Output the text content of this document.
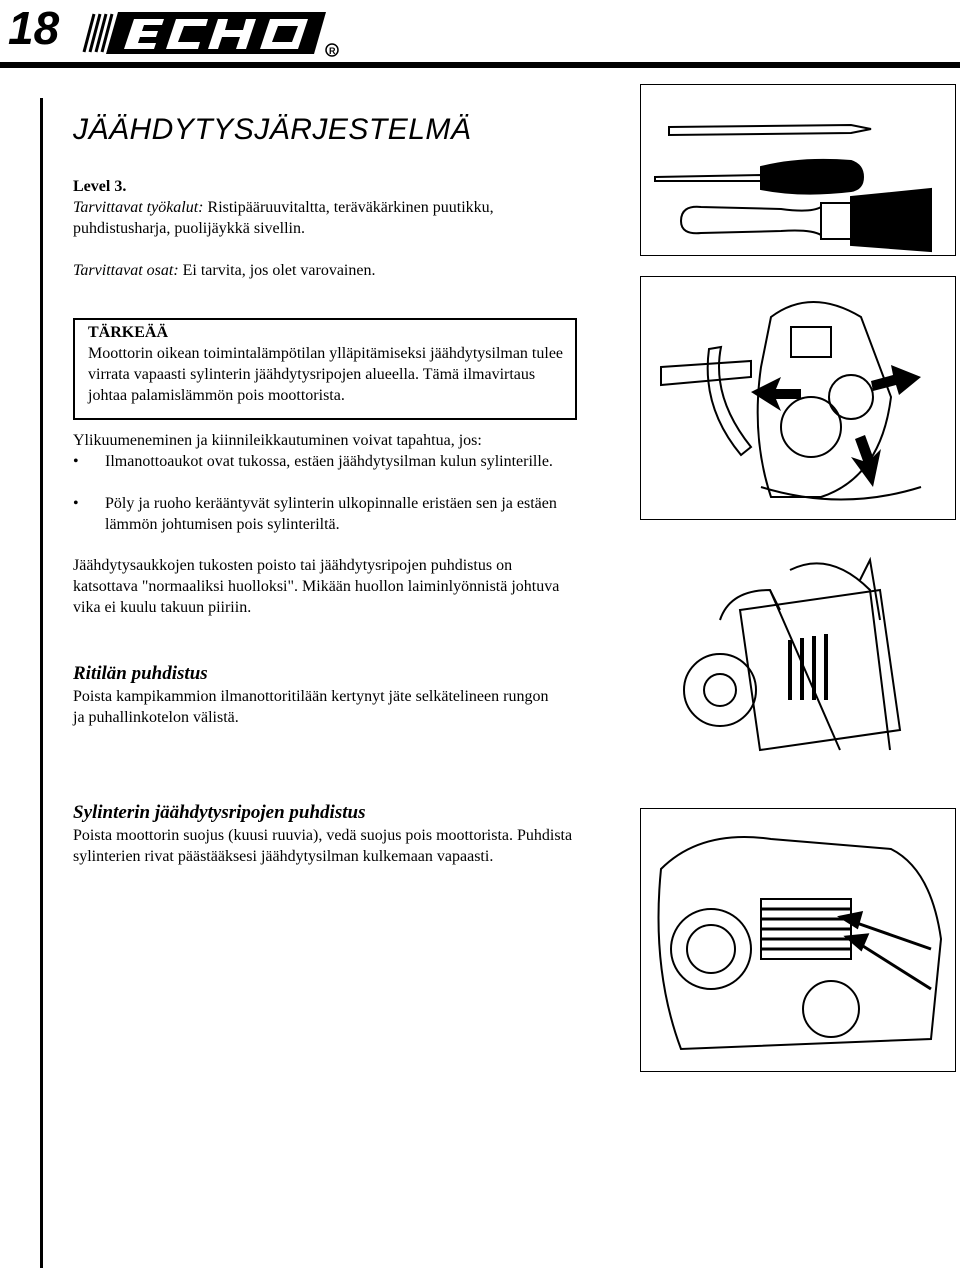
18	R
JÄÄHDYTYSJÄRJESTELMÄ
Level 3.
Tarvittavat työkalut: Ristipääruuvitaltta, teräväkärkinen puutikku, puhdistusharja, puolijäykkä sivellin.
Tarvittavat osat: Ei tarvita, jos olet varovainen.
TÄRKEÄÄ
Moottorin oikean toimintalämpötilan ylläpitämiseksi jäähdytysilman tulee virrata vapaasti sylinterin jäähdytysripojen alueella. Tämä ilmavirtaus johtaa palamislämmön pois moottorista.
Ylikuumeneminen ja kiinnileikkautuminen voivat tapahtua, jos:
• Ilmanottoaukot ovat tukossa, estäen jäähdytysilman kulun sylinterille.
• Pöly ja ruoho kerääntyvät sylinterin ulkopinnalle eristäen sen ja estäen lämmön johtumisen pois sylinteriltä.
Jäähdytysaukkojen tukosten poisto tai jäähdytysripojen puhdistus on katsottava "normaaliksi huolloksi". Mikään huollon laiminlyönnistä johtuva vika ei kuulu takuun piiriin.
Ritilän puhdistus
Poista kampikammion ilmanottoritilään kertynyt jäte selkätelineen rungon ja puhallinkotelon välistä.
Sylinterin jäähdytysripojen puhdistus
Poista moottorin suojus (kuusi ruuvia), vedä suojus pois moottorista. Puhdista sylinterien rivat päästääksesi jäähdytysilman kulkemaan vapaasti.
